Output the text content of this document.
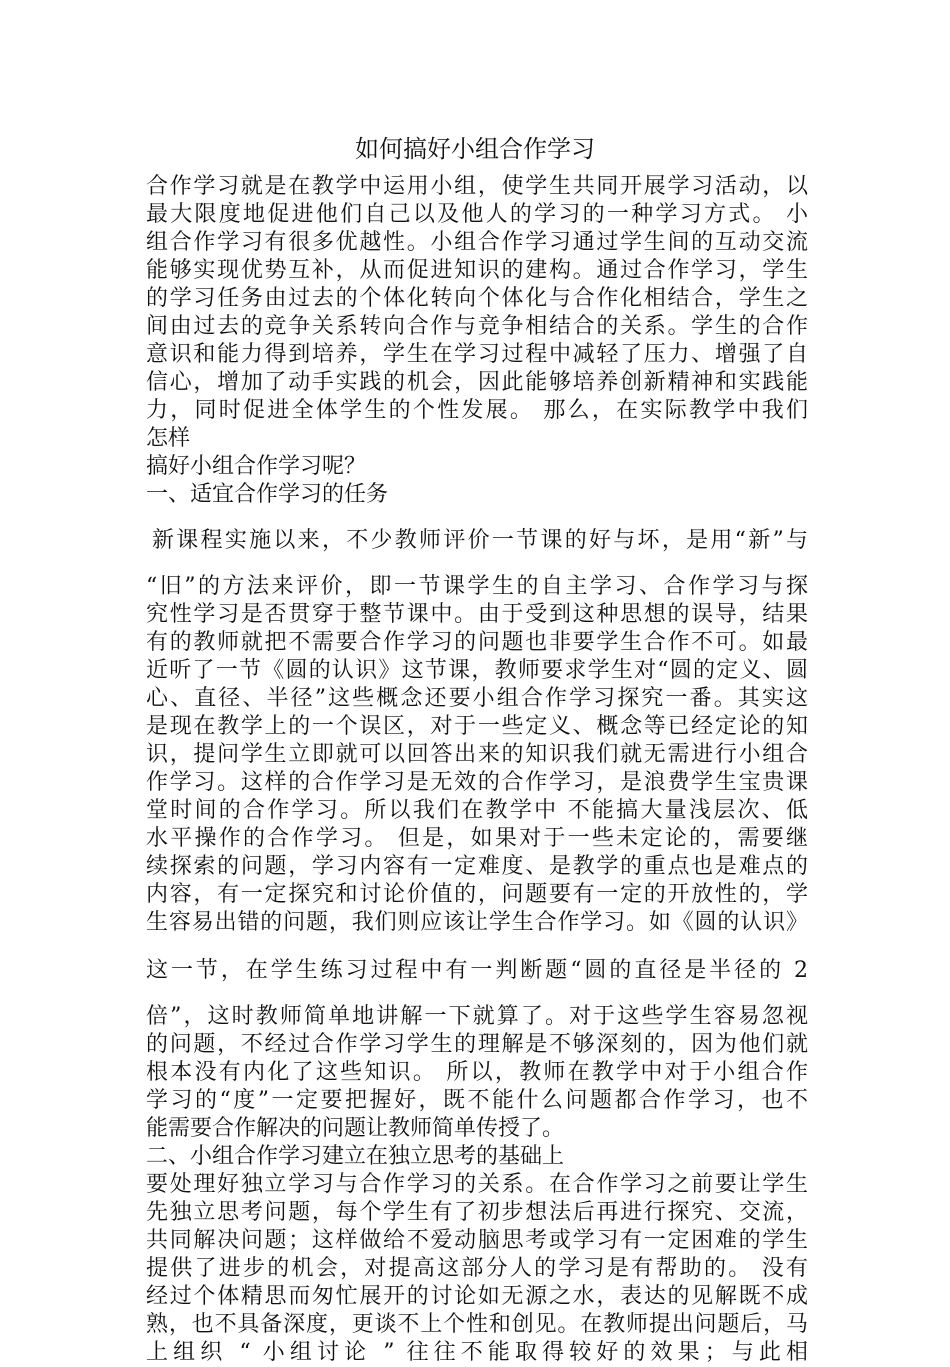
如何搞好小组合作学习
合作学习就是在教学中运用小组，使学生共同开展学习活动，以
最大限度地促进他们自己以及他人的学习的一种学习方式。 小
组合作学习有很多优越性。小组合作学习通过学生间的互动交流
能够实现优势互补，从而促进知识的建构。通过合作学习，学生
的学习任务由过去的个体化转向个体化与合作化相结合，学生之
间由过去的竞争关系转向合作与竞争相结合的关系。学生的合作
意识和能力得到培养，学生在学习过程中减轻了压力、增强了自
信心，增加了动手实践的机会，因此能够培养创新精神和实践能
力，同时促进全体学生的个性发展。 那么，在实际教学中我们
怎样
搞好小组合作学习呢？
一、适宜合作学习的任务
新课程实施以来，不少教师评价一节课的好与坏，是用“新”与
“旧”的方法来评价，即一节课学生的自主学习、合作学习与探
究性学习是否贯穿于整节课中。由于受到这种思想的误导，结果
有的教师就把不需要合作学习的问题也非要学生合作不可。如最
近听了一节《圆的认识》这节课，教师要求学生对“圆的定义、圆
心、直径、半径”这些概念还要小组合作学习探究一番。其实这
是现在教学上的一个误区，对于一些定义、概念等已经定论的知
识，提问学生立即就可以回答出来的知识我们就无需进行小组合
作学习。这样的合作学习是无效的合作学习，是浪费学生宝贵课
堂时间的合作学习。所以我们在教学中 不能搞大量浅层次、低
水平操作的合作学习。 但是，如果对于一些未定论的，需要继
续探索的问题，学习内容有一定难度、是教学的重点也是难点的
内容，有一定探究和讨论价值的，问题要有一定的开放性的，学
生容易出错的问题，我们则应该让学生合作学习。如《圆的认识》
这一节，在学生练习过程中有一判断题“圆的直径是半径的 2
倍”，这时教师简单地讲解一下就算了。对于这些学生容易忽视
的问题，不经过合作学习学生的理解是不够深刻的，因为他们就
根本没有内化了这些知识。 所以，教师在教学中对于小组合作
学习的“度”一定要把握好，既不能什么问题都合作学习，也不
能需要合作解决的问题让教师简单传授了。
二、小组合作学习建立在独立思考的基础上
要处理好独立学习与合作学习的关系。在合作学习之前要让学生
先独立思考问题，每个学生有了初步想法后再进行探究、交流，
共同解决问题；这样做给不爱动脑思考或学习有一定困难的学生
提供了进步的机会，对提高这部分人的学习是有帮助的。 没有
经过个体精思而匆忙展开的讨论如无源之水，表达的见解既不成
熟，也不具备深度，更谈不上个性和创见。在教师提出问题后，马
上组织 “ 小组讨论 ” 往往不能取得较好的效果；与此相
